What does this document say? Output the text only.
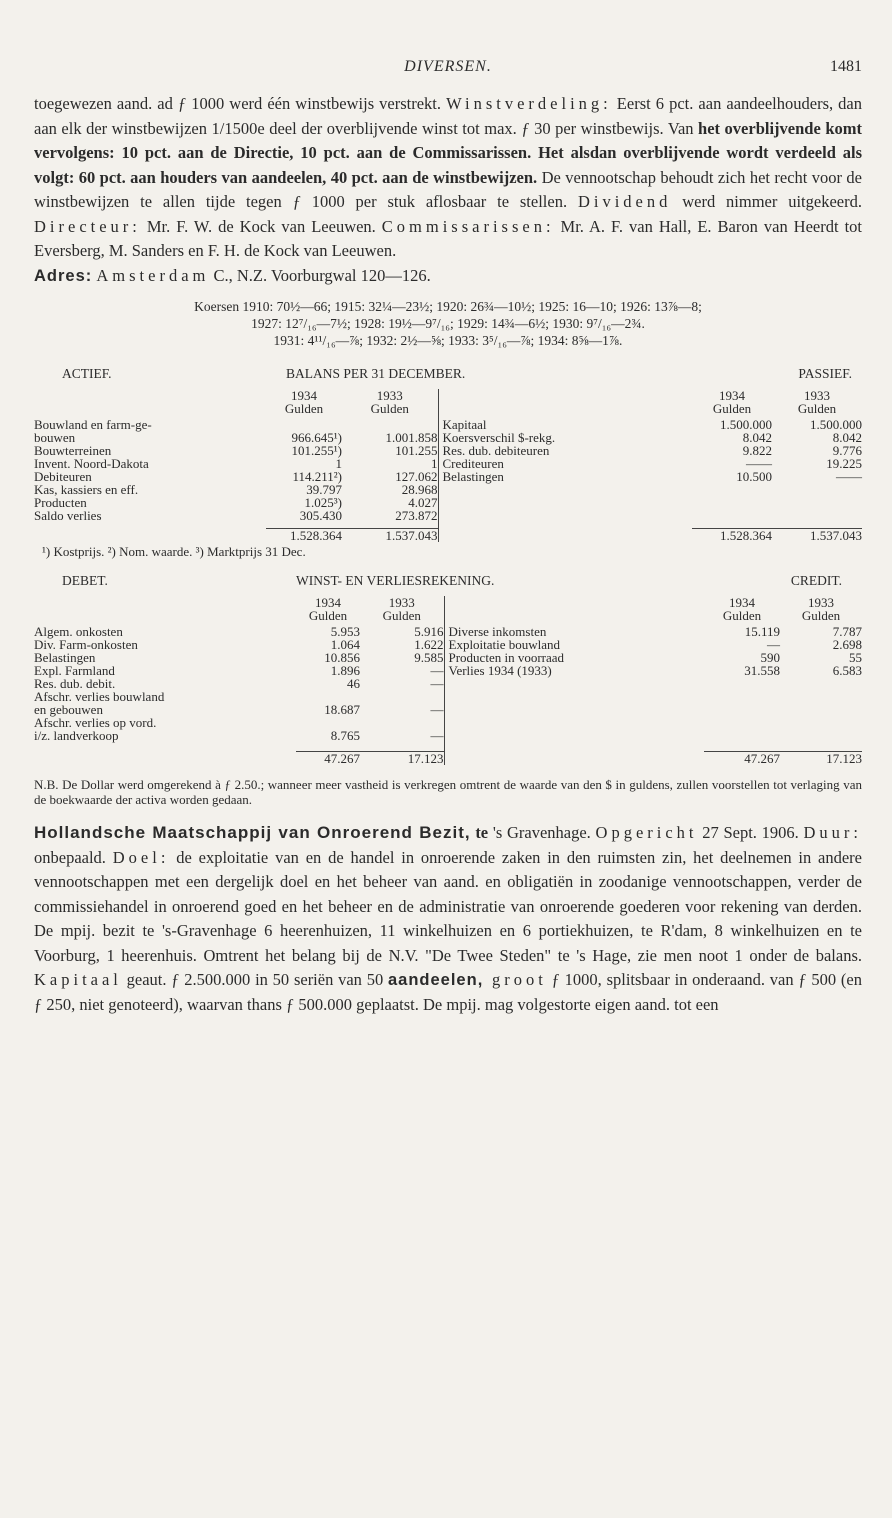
DIVERSEN.	1481

toegewezen aand. ad ƒ 1000 werd één winstbewijs verstrekt. Winstverdeling: Eerst 6 pct. aan aandeelhouders, dan aan elk der winstbewijzen 1/1500e deel der overblijvende winst tot max. ƒ 30 per winstbewijs. Van het overblijvende komt vervolgens: 10 pct. aan de Directie, 10 pct. aan de Commissarissen. Het alsdan overblijvende wordt verdeeld als volgt: 60 pct. aan houders van aandeelen, 40 pct. aan de winstbewijzen. De vennootschap behoudt zich het recht voor de winstbewijzen te allen tijde tegen ƒ 1000 per stuk aflosbaar te stellen. Dividend werd nimmer uitgekeerd. Directeur: Mr. F. W. de Kock van Leeuwen. Commissarissen: Mr. A. F. van Hall, E. Baron van Heerdt tot Eversberg, M. Sanders en F. H. de Kock van Leeuwen.

Adres: Amsterdam C., N.Z. Voorburgwal 120—126.

Koersen 1910: 70½—66; 1915: 32¼—23½; 1920: 26¾—10½; 1925: 16—10; 1926: 13⅞—8;
1927: 12⁷/₁₆—7½; 1928: 19½—9⁷/₁₆; 1929: 14¾—6½; 1930: 9⁷/₁₆—2¾.
1931: 4¹¹/₁₆—⅞; 1932: 2½—⅝; 1933: 3⁵/₁₆—⅞; 1934: 8⅝—1⅞.
ACTIEF.	BALANS PER 31 DECEMBER.			PASSIEF.	
	1934	1933		1934	1933
	Gulden	Gulden		Gulden	Gulden
Bouwland en farm-ge-			Kapitaal	1.500.000	1.500.000
bouwen	966.645¹)	1.001.858	Koersverschil $-rekg.	8.042	8.042
Bouwterreinen	101.255¹)	101.255	Res. dub. debiteuren	9.822	9.776
Invent. Noord-Dakota	1	1	Crediteuren	——	19.225
Debiteuren	114.211²)	127.062	Belastingen	10.500	——
Kas, kassiers en eff.	39.797	28.968			
Producten	1.025³)	4.027			
Saldo verlies	305.430	273.872			

	1.528.364	1.537.043		1.528.364	1.537.043
¹) Kostprijs. ²) Nom. waarde. ³) Marktprijs 31 Dec.
DEBET.	WINST- EN VERLIESREKENING.			CREDIT.	
	1934	1933		1934	1933
	Gulden	Gulden		Gulden	Gulden
Algem. onkosten	5.953	5.916	Diverse inkomsten	15.119	7.787
Div. Farm-onkosten	1.064	1.622	Exploitatie bouwland	—	2.698
Belastingen	10.856	9.585	Producten in voorraad	590	55
Expl. Farmland	1.896	—	Verlies 1934 (1933)	31.558	6.583
Res. dub. debit.	46	—			
Afschr. verlies bouwland					
en gebouwen	18.687	—			
Afschr. verlies op vord.					
i/z. landverkoop	8.765	—			

	47.267	17.123		47.267	17.123

N.B. De Dollar werd omgerekend à ƒ 2.50.; wanneer meer vastheid is verkregen omtrent de waarde van den $ in guldens, zullen voorstellen tot verlaging van de boekwaarde der activa worden gedaan.

Hollandsche Maatschappij van Onroerend Bezit, te 's Gravenhage. Opgericht 27 Sept. 1906. Duur: onbepaald. Doel: de exploitatie van en de handel in onroerende zaken in den ruimsten zin, het deelnemen in andere vennootschappen met een dergelijk doel en het beheer van aand. en obligatiën in zoodanige vennootschappen, verder de commissiehandel in onroerend goed en het beheer en de administratie van onroerende goederen voor rekening van derden. De mpij. bezit te 's-Gravenhage 6 heerenhuizen, 11 winkelhuizen en 6 portiekhuizen, te R'dam, 8 winkelhuizen en te Voorburg, 1 heerenhuis. Omtrent het belang bij de N.V. "De Twee Steden" te 's Hage, zie men noot 1 onder de balans. Kapitaal geaut. ƒ 2.500.000 in 50 seriën van 50 aandeelen, groot ƒ 1000, splitsbaar in onderaand. van ƒ 500 (en ƒ 250, niet genoteerd), waarvan thans ƒ 500.000 geplaatst. De mpij. mag volgestorte eigen aand. tot een
